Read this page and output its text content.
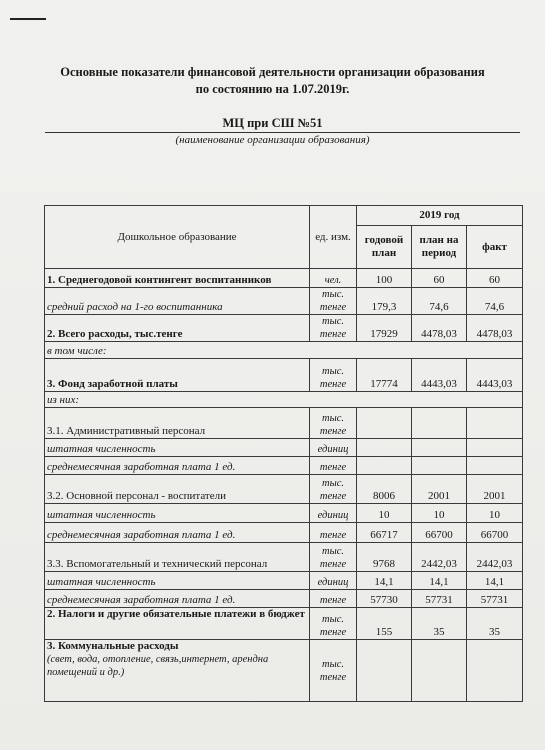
Основные показатели финансовой деятельности организации образования
по состоянию на 1.07.2019г.
МЦ при СШ №51
(наименование организации образования)
Дошкольное образование	ед. изм.	2019 год		
		годовой план	план на период	факт
1. Среднегодовой контингент воспитанников	чел.	100	60	60
средний расход на 1-го воспитанника	тыс. тенге	179,3	74,6	74,6
2. Всего расходы, тыс.тенге	тыс. тенге	17929	4478,03	4478,03
в том числе:				
3. Фонд заработной платы	тыс. тенге	17774	4443,03	4443,03
из них:				
3.1. Административный персонал	тыс. тенге			
штатная численность	единиц			
среднемесячная заработная плата 1 ед.	тенге			
3.2. Основной персонал - воспитатели	тыс. тенге	8006	2001	2001
штатная численность	единиц	10	10	10
среднемесячная заработная плата 1 ед.	тенге	66717	66700	66700
3.3. Вспомогательный и технический персонал	тыс. тенге	9768	2442,03	2442,03
штатная численность	единиц	14,1	14,1	14,1
среднемесячная заработная плата 1 ед.	тенге	57730	57731	57731
2. Налоги и другие обязательные платежи в бюджет	тыс. тенге	155	35	35

3. Коммунальные расходы
(свет, вода, отопление, связь,интернет, арендна помещений и др.)	тыс. тенге			
